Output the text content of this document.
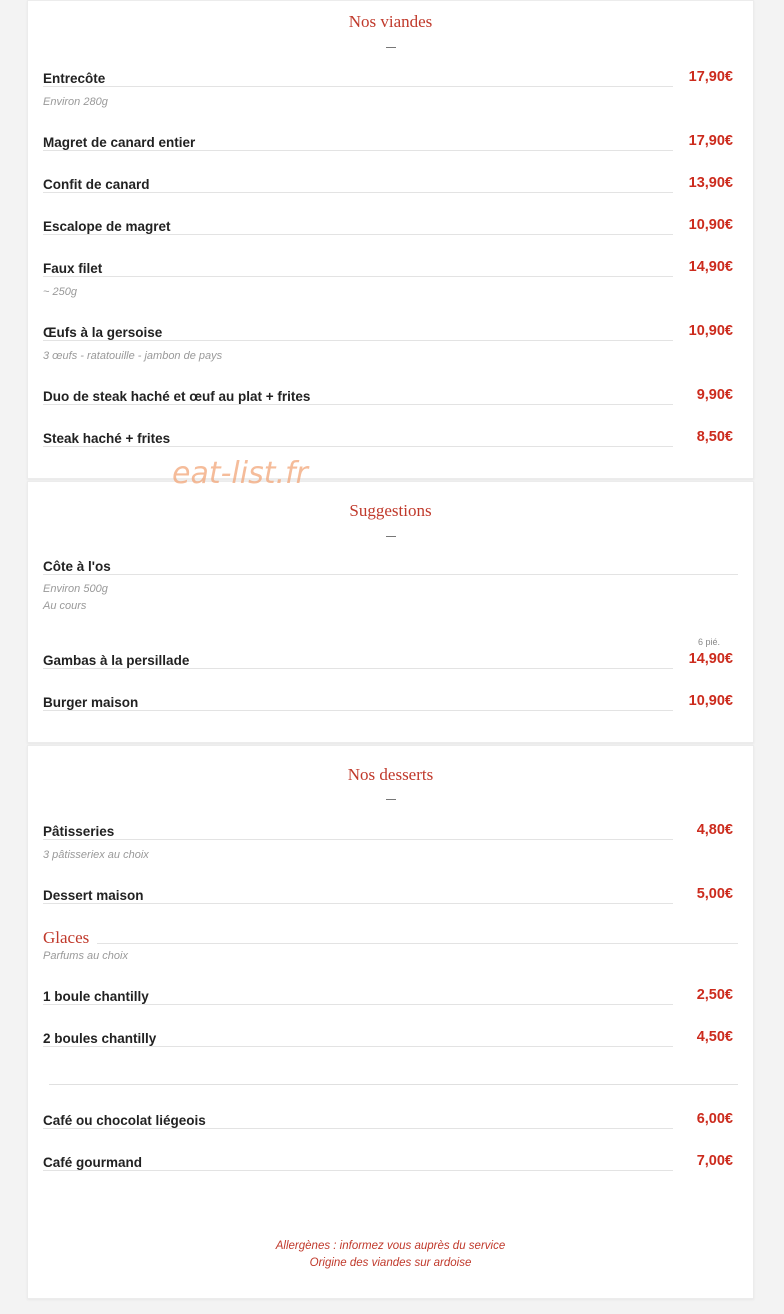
Nos viandes
Entrecôte	17,90€
Environ 280g
Magret de canard entier	17,90€
Confit de canard	13,90€
Escalope de magret	10,90€
Faux filet	14,90€
~ 250g
Œufs à la gersoise	10,90€
3 œufs - ratatouille - jambon de pays
Duo de steak haché et œuf au plat + frites	9,90€
Steak haché + frites	8,50€
Suggestions
Côte à l'os
Environ 500g
Au cours
6 pié.
Gambas à la persillade	14,90€
Burger maison	10,90€
eat-list.fr
Nos desserts
Pâtisseries	4,80€
3 pâtisseriex au choix
Dessert maison	5,00€
Glaces
Parfums au choix
1 boule chantilly	2,50€
2 boules chantilly	4,50€
Café ou chocolat liégeois	6,00€
Café gourmand	7,00€
Allergènes : informez vous auprès du service
Origine des viandes sur ardoise
